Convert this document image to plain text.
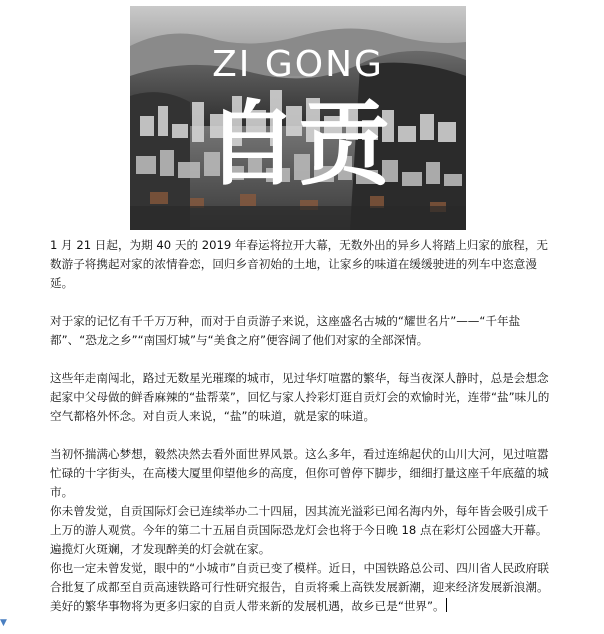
ZI GONG
自贡

1 月 21 日起，为期 40 天的 2019 年春运将拉开大幕，无数外出的异乡人将踏上归家的旅程，无数游子将携起对家的浓情眷恋，回归乡音初始的土地，让家乡的味道在缓缓驶进的列车中恣意漫延。

对于家的记忆有千千万万种，而对于自贡游子来说，这座盛名古城的“耀世名片”——“千年盐都”、“恐龙之乡”“南国灯城”与“美食之府”便容阔了他们对家的全部深情。

这些年走南闯北，路过无数星光璀璨的城市，见过华灯喧嚣的繁华，每当夜深人静时，总是会想念起家中父母做的鲜香麻辣的“盐帮菜”，回忆与家人拎彩灯逛自贡灯会的欢愉时光，连带“盐”味儿的空气都格外怀念。对自贡人来说，“盐”的味道，就是家的味道。

当初怀揣满心梦想，毅然决然去看外面世界风景。这么多年，看过连绵起伏的山川大河，见过喧嚣忙碌的十字街头，在高楼大厦里仰望他乡的高度，但你可曾停下脚步，细细打量这座千年底蕴的城市。

你未曾发觉，自贡国际灯会已连续举办二十四届，因其流光溢彩已闻名海内外，每年皆会吸引成千上万的游人观赏。今年的第二十五届自贡国际恐龙灯会也将于今日晚 18 点在彩灯公园盛大开幕。遍揽灯火斑斓，才发现醉美的灯会就在家。

你也一定未曾发觉，眼中的“小城市”自贡已变了模样。近日，中国铁路总公司、四川省人民政府联合批复了成都至自贡高速铁路可行性研究报告，自贡将乘上高铁发展新潮，迎来经济发展新浪潮。美好的繁华事物将为更多归家的自贡人带来新的发展机遇，故乡已是“世界”。

▼
